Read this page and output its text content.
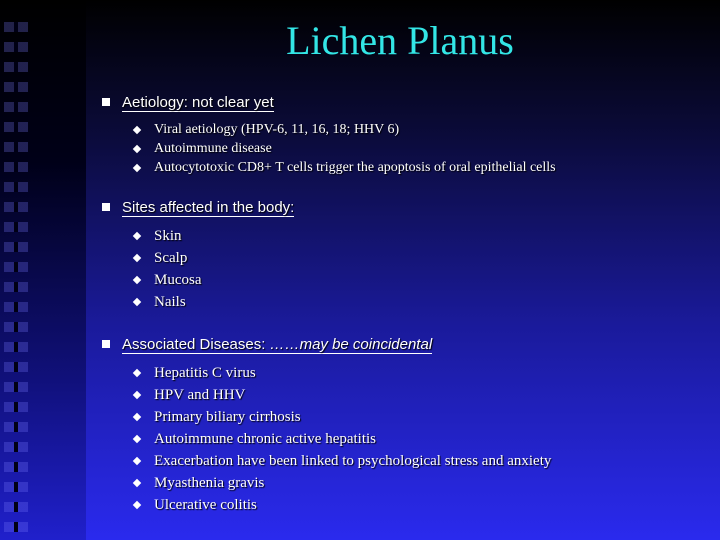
Lichen Planus
Aetiology: not clear yet
Viral aetiology (HPV-6, 11, 16, 18; HHV 6)
Autoimmune disease
Autocytotoxic CD8+ T cells trigger the apoptosis of oral epithelial cells
Sites affected in the body:
Skin
Scalp
Mucosa
Nails
Associated Diseases: ……may be coincidental
Hepatitis C virus
HPV and HHV
Primary biliary cirrhosis
Autoimmune chronic active hepatitis
Exacerbation have been linked to psychological stress and anxiety
Myasthenia gravis
Ulcerative colitis
